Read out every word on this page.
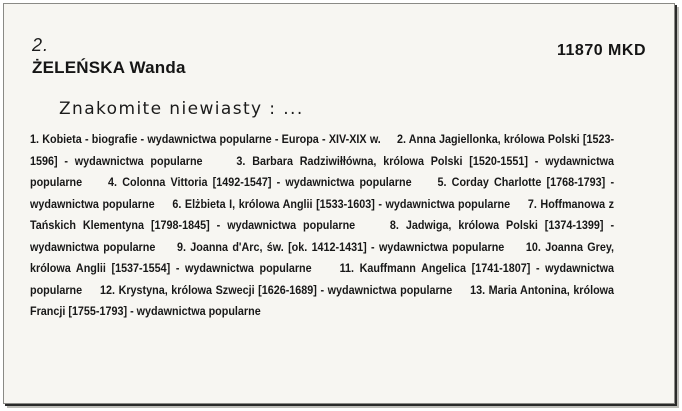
2.
ŻELEŃSKA Wanda
11870 MKD
Znakomite niewiasty : ...

1. Kobieta - biografie - wydawnictwa popularne - Europa - XIV-XIX w. 2. Anna Jagiellonka, królowa Polski [1523-1596] - wydawnictwa popularne	3. Barbara Radziwiłłówna, królowa Polski [1520-1551] - wydawnictwa popularne 4. Colonna Vittoria [1492-1547] - wydawnictwa popularne 5. Corday Charlotte [1768-1793] - wydawnictwa popularne 6. Elżbieta I, królowa Anglii [1533-1603] - wydawnictwa popularne 7. Hoffmanowa z Tańskich Klementyna [1798-1845] - wydawnictwa popularne	8. Jadwiga, królowa Polski [1374-1399] - wydawnictwa popularne 9. Joanna d'Arc, św. [ok. 1412-1431] - wydawnictwa popularne 10. Joanna Grey, królowa Anglii [1537-1554] - wydawnictwa popularne 11. Kauffmann Angelica [1741-1807] - wydawnictwa popularne 12. Krystyna, królowa Szwecji [1626-1689] - wydawnictwa popularne 13. Maria Antonina, królowa Francji [1755-1793] - wydawnictwa popularne
